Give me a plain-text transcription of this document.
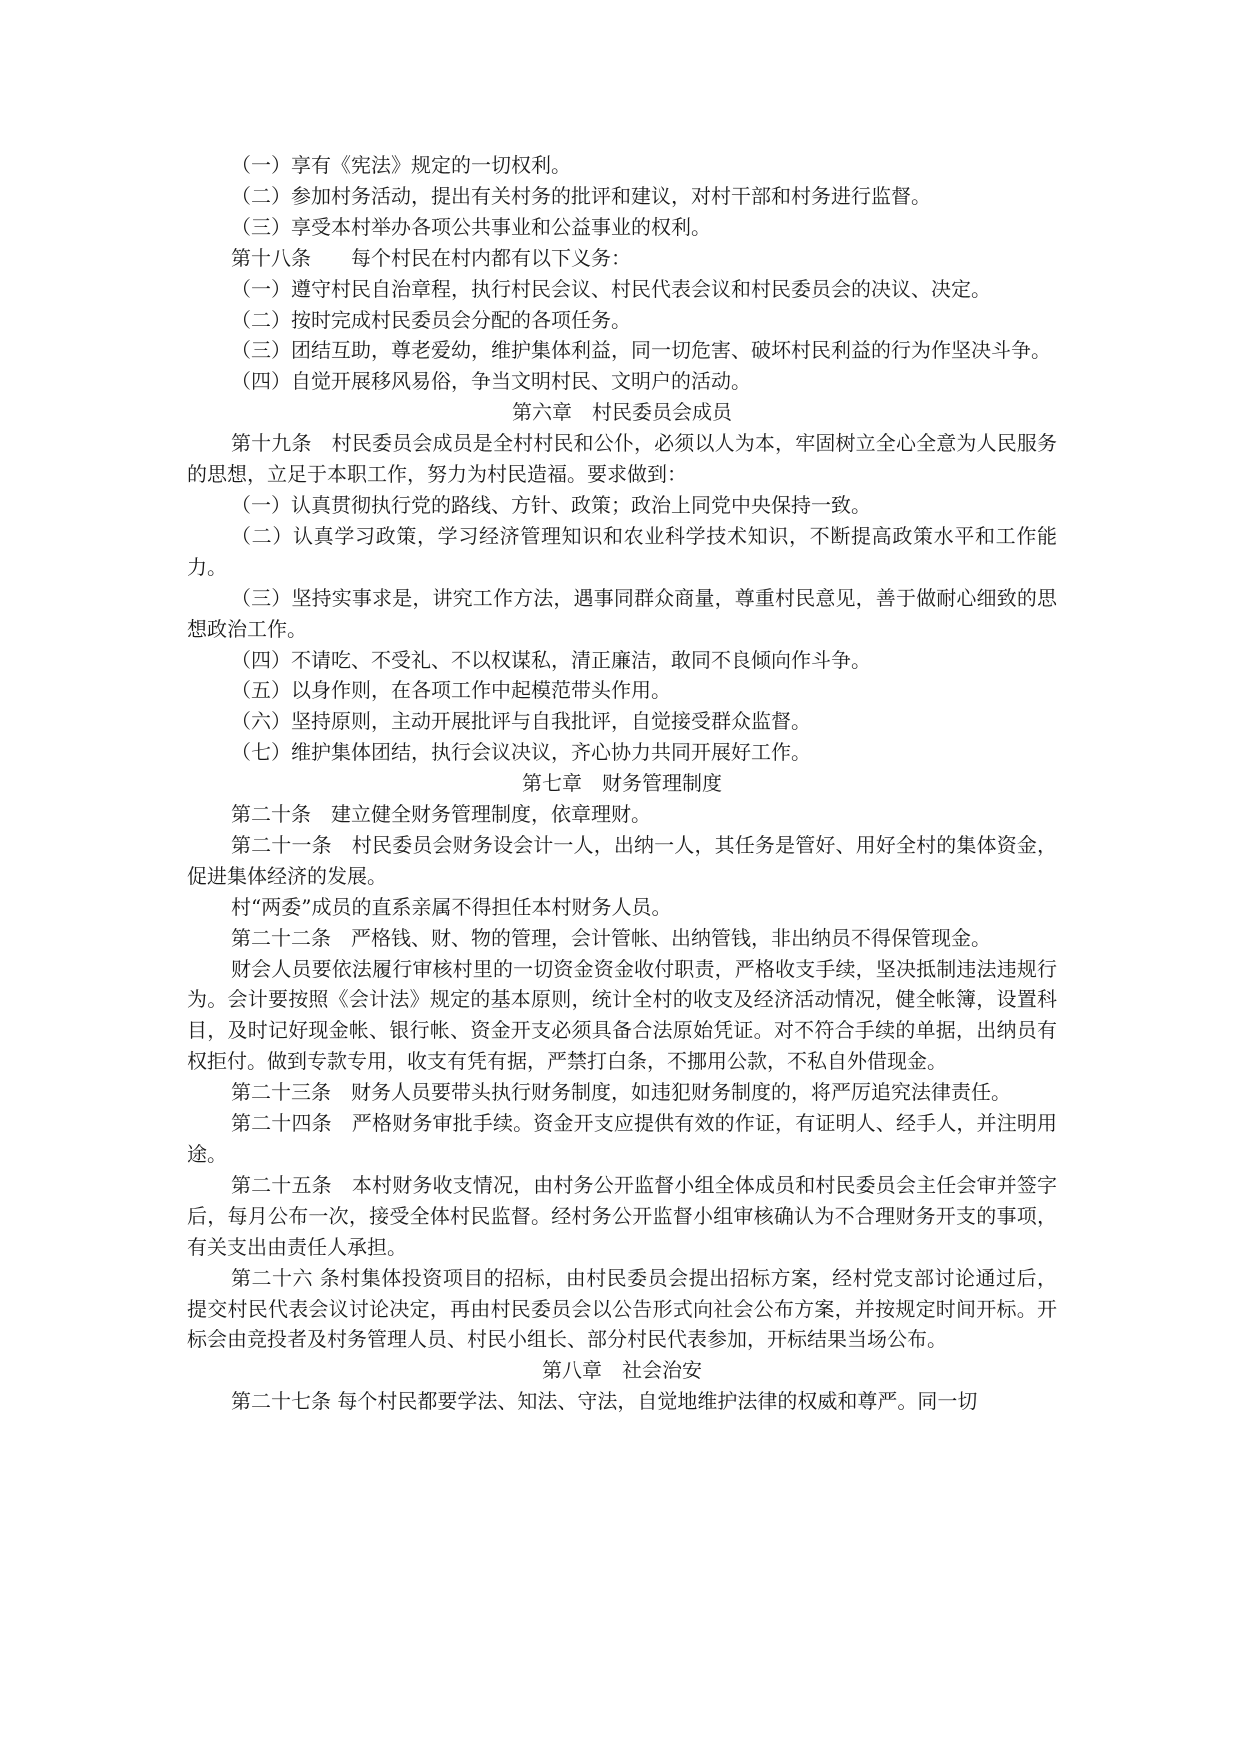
（一）享有《宪法》规定的一切权利。

（二）参加村务活动，提出有关村务的批评和建议，对村干部和村务进行监督。

（三）享受本村举办各项公共事业和公益事业的权利。

第十八条　　每个村民在村内都有以下义务：

（一）遵守村民自治章程，执行村民会议、村民代表会议和村民委员会的决议、决定。

（二）按时完成村民委员会分配的各项任务。

（三）团结互助，尊老爱幼，维护集体利益，同一切危害、破坏村民利益的行为作坚决斗争。

（四）自觉开展移风易俗，争当文明村民、文明户的活动。

第六章　村民委员会成员

第十九条　村民委员会成员是全村村民和公仆，必须以人为本，牢固树立全心全意为人民服务的思想，立足于本职工作，努力为村民造福。要求做到：

（一）认真贯彻执行党的路线、方针、政策；政治上同党中央保持一致。

（二）认真学习政策，学习经济管理知识和农业科学技术知识，不断提高政策水平和工作能力。

（三）坚持实事求是，讲究工作方法，遇事同群众商量，尊重村民意见，善于做耐心细致的思想政治工作。

（四）不请吃、不受礼、不以权谋私，清正廉洁，敢同不良倾向作斗争。

（五）以身作则，在各项工作中起模范带头作用。

（六）坚持原则，主动开展批评与自我批评，自觉接受群众监督。

（七）维护集体团结，执行会议决议，齐心协力共同开展好工作。

第七章　财务管理制度

第二十条　建立健全财务管理制度，依章理财。

第二十一条　村民委员会财务设会计一人，出纳一人，其任务是管好、用好全村的集体资金，促进集体经济的发展。

村“两委”成员的直系亲属不得担任本村财务人员。

第二十二条　严格钱、财、物的管理，会计管帐、出纳管钱，非出纳员不得保管现金。

财会人员要依法履行审核村里的一切资金资金收付职责，严格收支手续，坚决抵制违法违规行为。会计要按照《会计法》规定的基本原则，统计全村的收支及经济活动情况，健全帐簿，设置科目，及时记好现金帐、银行帐、资金开支必须具备合法原始凭证。对不符合手续的单据，出纳员有权拒付。做到专款专用，收支有凭有据，严禁打白条，不挪用公款，不私自外借现金。

第二十三条　财务人员要带头执行财务制度，如违犯财务制度的，将严厉追究法律责任。

第二十四条　严格财务审批手续。资金开支应提供有效的作证，有证明人、经手人，并注明用途。

第二十五条　本村财务收支情况，由村务公开监督小组全体成员和村民委员会主任会审并签字后，每月公布一次，接受全体村民监督。经村务公开监督小组审核确认为不合理财务开支的事项，有关支出由责任人承担。

第二十六 条村集体投资项目的招标，由村民委员会提出招标方案，经村党支部讨论通过后，提交村民代表会议讨论决定，再由村民委员会以公告形式向社会公布方案，并按规定时间开标。开标会由竞投者及村务管理人员、村民小组长、部分村民代表参加，开标结果当场公布。

第八章　社会治安

第二十七条 每个村民都要学法、知法、守法，自觉地维护法律的权威和尊严。同一切
